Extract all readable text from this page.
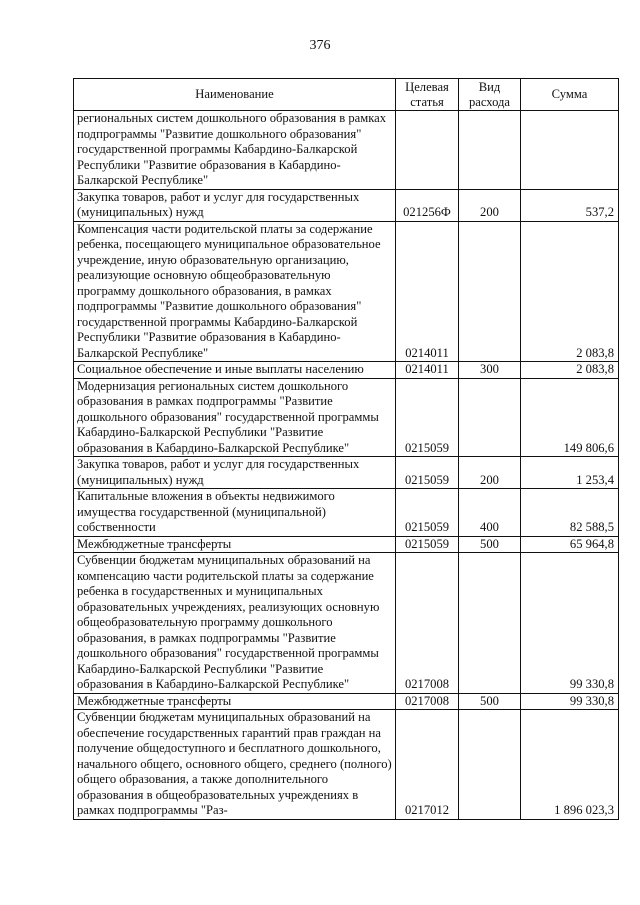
376
Наименование	Целевая статья	Вид расхода	Сумма
региональных систем дошкольного образования в рамках подпрограммы "Развитие дошкольного образования" государственной программы Кабардино-Балкарской Республики "Развитие образования в Кабардино-Балкарской Республике"			
Закупка товаров, работ и услуг для государственных (муниципальных) нужд	021256Ф	200	537,2
Компенсация части родительской платы за содержание ребенка, посещающего муниципальное образовательное учреждение, иную образовательную организацию, реализующие основную общеобразовательную программу дошкольного образования, в рамках подпрограммы "Развитие дошкольного образования" государственной программы Кабардино-Балкарской Республики "Развитие образования в Кабардино-Балкарской Республике"	0214011		2 083,8
Социальное обеспечение и иные выплаты населению	0214011	300	2 083,8
Модернизация региональных систем дошкольного образования в рамках подпрограммы "Развитие дошкольного образования" государственной программы Кабардино-Балкарской Республики "Развитие образования в Кабардино-Балкарской Республике"	0215059		149 806,6
Закупка товаров, работ и услуг для государственных (муниципальных) нужд	0215059	200	1 253,4
Капитальные вложения в объекты недвижимого имущества государственной (муниципальной) собственности	0215059	400	82 588,5
Межбюджетные трансферты	0215059	500	65 964,8
Субвенции бюджетам муниципальных образований на компенсацию части родительской платы за содержание ребенка в государственных и муниципальных образовательных учреждениях, реализующих основную общеобразовательную программу дошкольного образования, в рамках подпрограммы "Развитие дошкольного образования" государственной программы Кабардино-Балкарской Республики "Развитие образования в Кабардино-Балкарской Республике"	0217008		99 330,8
Межбюджетные трансферты	0217008	500	99 330,8
Субвенции бюджетам муниципальных образований на обеспечение государственных гарантий прав граждан на получение общедоступного и бесплатного дошкольного, начального общего, основного общего, среднего (полного) общего образования, а также дополнительного образования в общеобразовательных учреждениях в рамках подпрограммы "Раз-	0217012		1 896 023,3
